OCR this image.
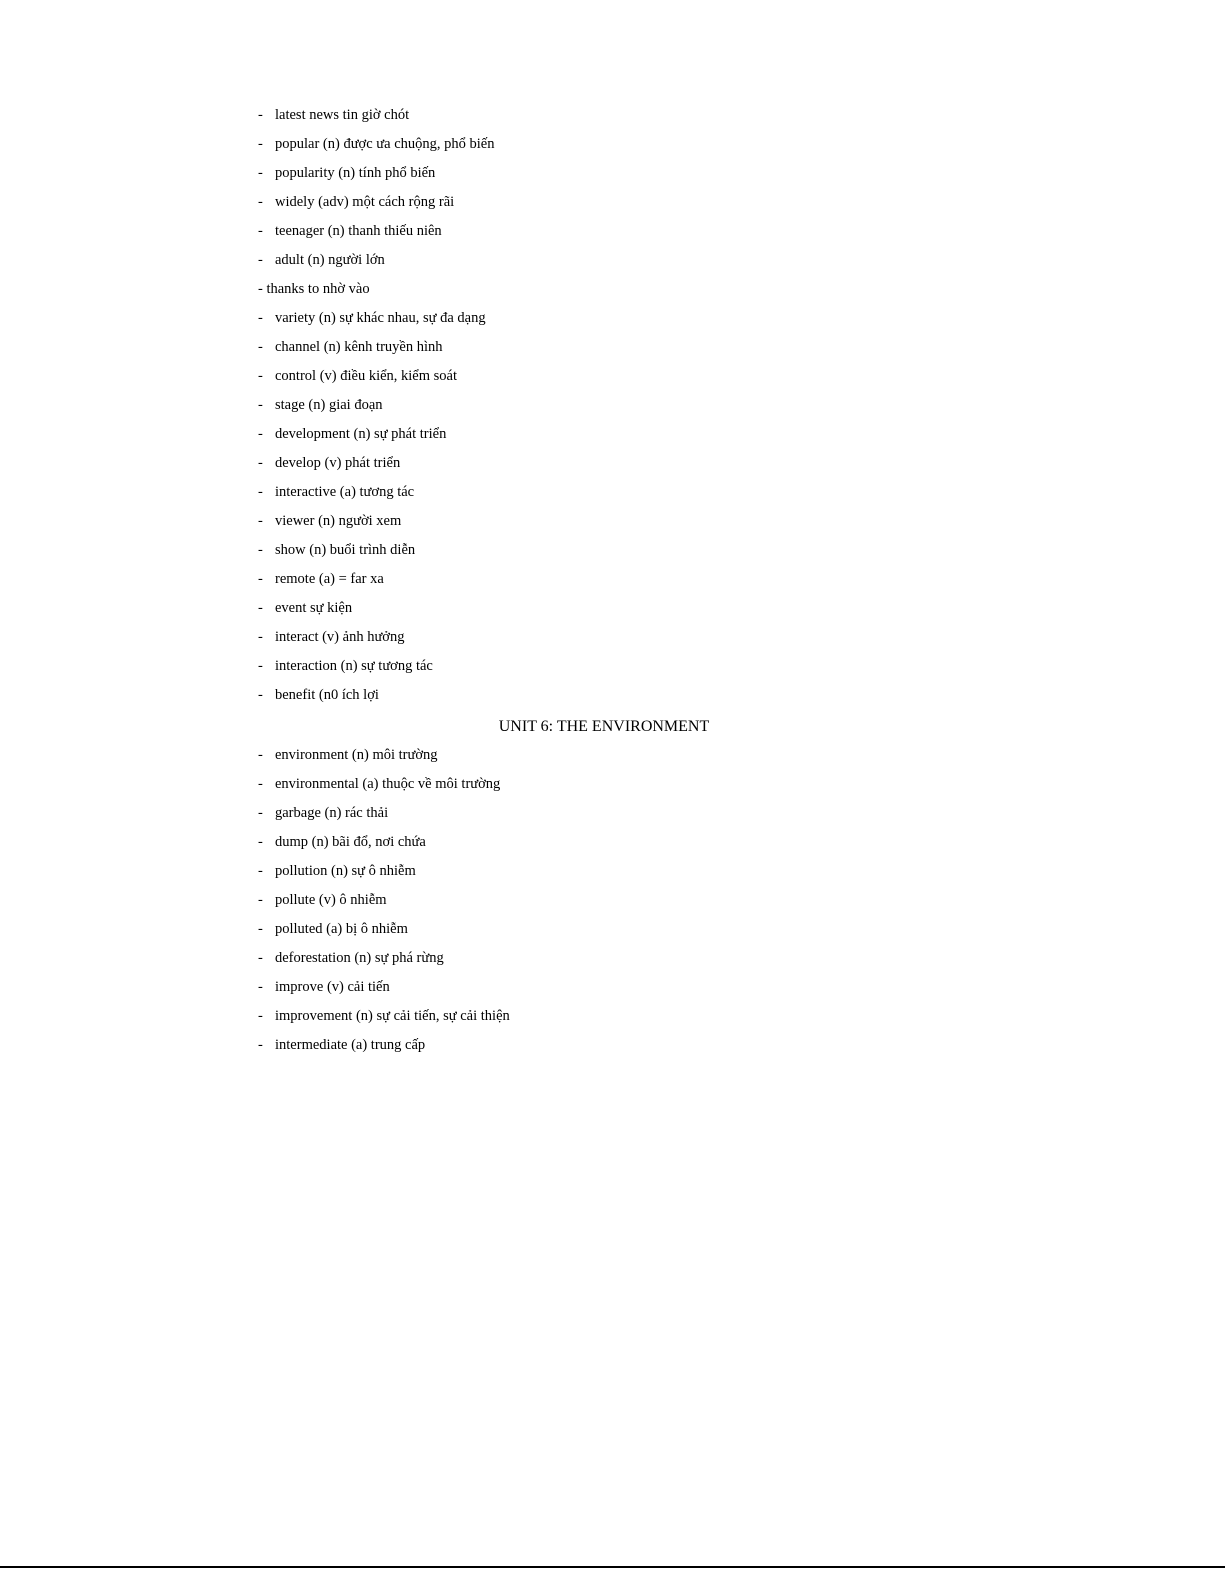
- latest news tin giờ chót
- popular (n) được ưa chuộng, phổ biến
- popularity (n) tính phổ biến
- widely (adv) một cách rộng rãi
- teenager (n) thanh thiếu niên
- adult (n) người lớn
- thanks to nhờ vào
- variety (n) sự khác nhau, sự đa dạng
- channel (n) kênh truyền hình
- control (v) điều kiển, kiểm soát
- stage (n) giai đoạn
- development (n) sự phát triển
- develop (v) phát triển
- interactive (a) tương tác
- viewer (n) người xem
- show (n) buổi trình diễn
- remote (a) = far xa
- event sự kiện
- interact (v) ảnh hưởng
- interaction (n) sự tương tác
- benefit (n0 ích lợi
UNIT 6: THE ENVIRONMENT
- environment (n) môi trường
- environmental (a) thuộc về môi trường
- garbage (n) rác thải
- dump (n) bãi đổ, nơi chứa
- pollution (n) sự ô nhiễm
- pollute (v) ô nhiễm
- polluted (a) bị ô nhiễm
- deforestation (n) sự phá rừng
- improve (v) cải tiến
- improvement (n) sự cải tiến, sự cải thiện
- intermediate (a) trung cấp
